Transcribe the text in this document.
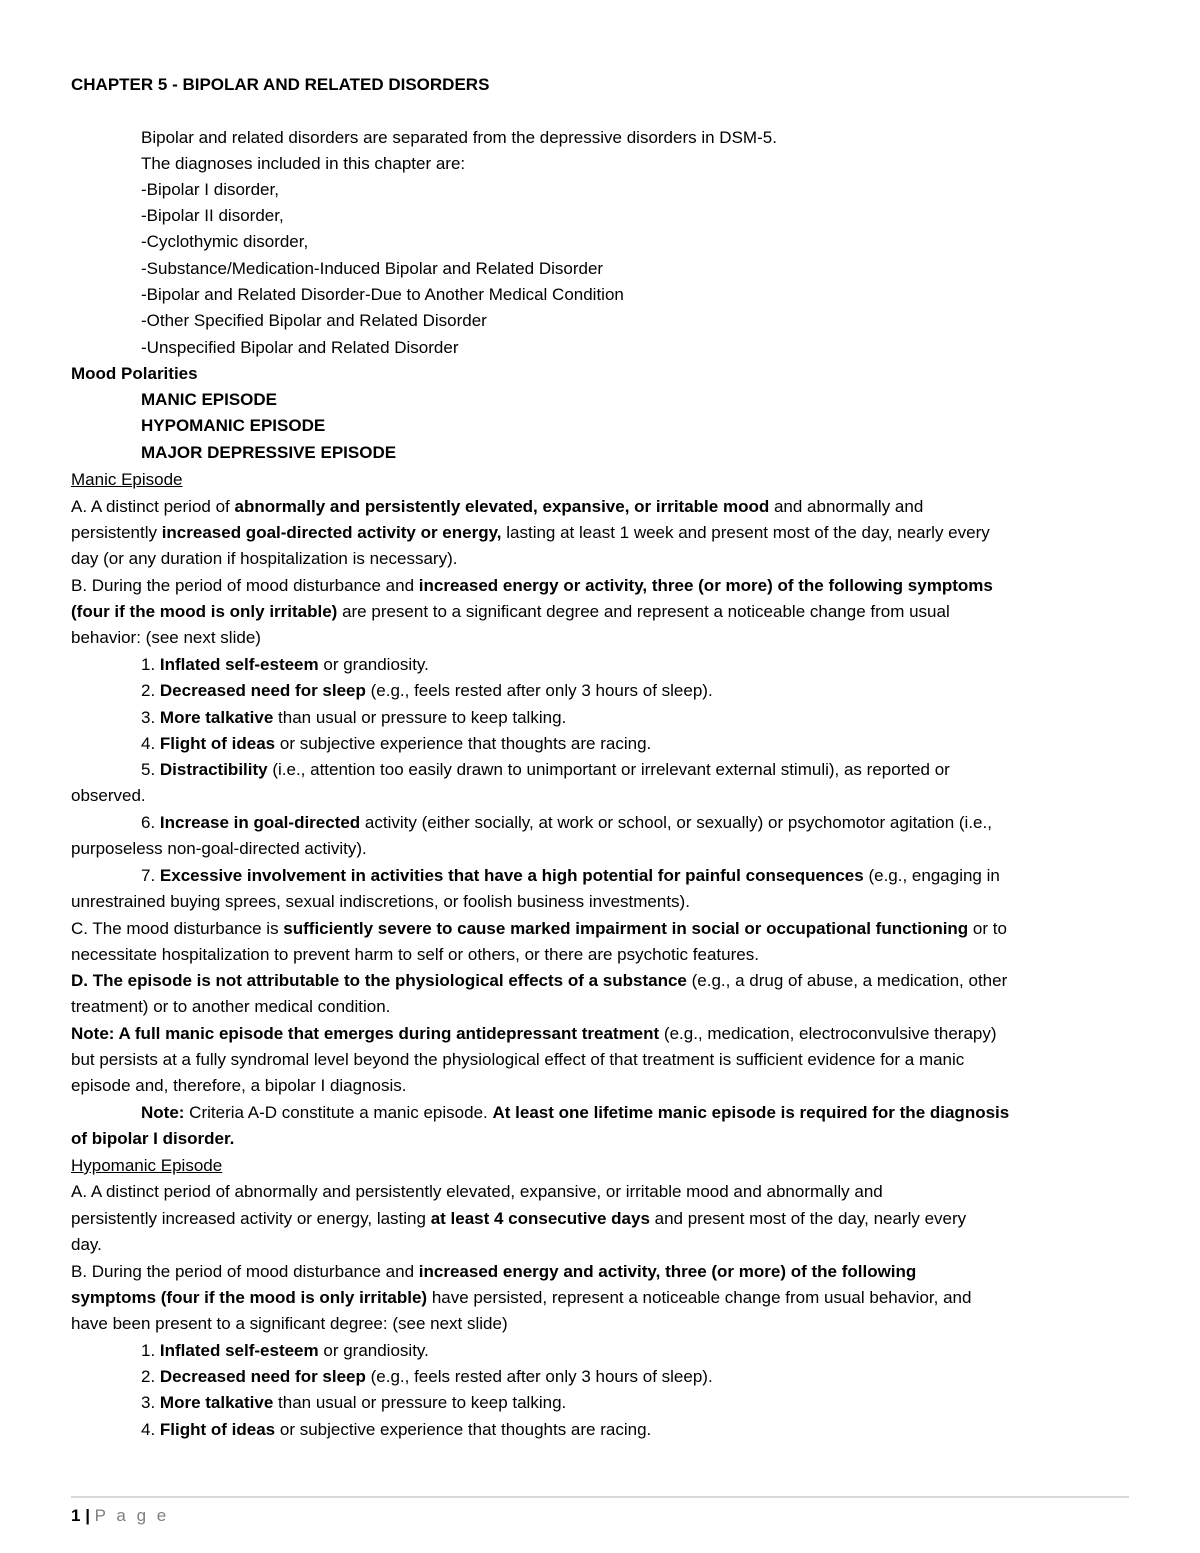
CHAPTER 5 - BIPOLAR AND RELATED DISORDERS
Bipolar and related disorders are separated from the depressive disorders in DSM-5.
The diagnoses included in this chapter are:
-Bipolar I disorder,
-Bipolar II disorder,
-Cyclothymic disorder,
-Substance/Medication-Induced Bipolar and Related Disorder
-Bipolar and Related Disorder-Due to Another Medical Condition
-Other Specified Bipolar and Related Disorder
-Unspecified Bipolar and Related Disorder
Mood Polarities
MANIC EPISODE
HYPOMANIC EPISODE
MAJOR DEPRESSIVE EPISODE
Manic Episode
A. A distinct period of abnormally and persistently elevated, expansive, or irritable mood and abnormally and
persistently increased goal-directed activity or energy, lasting at least 1 week and present most of the day, nearly every
day (or any duration if hospitalization is necessary).
B. During the period of mood disturbance and increased energy or activity, three (or more) of the following symptoms
(four if the mood is only irritable) are present to a significant degree and represent a noticeable change from usual
behavior: (see next slide)
1. Inflated self-esteem or grandiosity.
2. Decreased need for sleep (e.g., feels rested after only 3 hours of sleep).
3. More talkative than usual or pressure to keep talking.
4. Flight of ideas or subjective experience that thoughts are racing.
5. Distractibility (i.e., attention too easily drawn to unimportant or irrelevant external stimuli), as reported or
observed.
6. Increase in goal-directed activity (either socially, at work or school, or sexually) or psychomotor agitation (i.e.,
purposeless non-goal-directed activity).
7. Excessive involvement in activities that have a high potential for painful consequences (e.g., engaging in
unrestrained buying sprees, sexual indiscretions, or foolish business investments).
C. The mood disturbance is sufficiently severe to cause marked impairment in social or occupational functioning or to
necessitate hospitalization to prevent harm to self or others, or there are psychotic features.
D. The episode is not attributable to the physiological effects of a substance (e.g., a drug of abuse, a medication, other
treatment) or to another medical condition.
Note: A full manic episode that emerges during antidepressant treatment (e.g., medication, electroconvulsive therapy)
but persists at a fully syndromal level beyond the physiological effect of that treatment is sufficient evidence for a manic
episode and, therefore, a bipolar I diagnosis.
Note: Criteria A-D constitute a manic episode. At least one lifetime manic episode is required for the diagnosis
of bipolar I disorder.
Hypomanic Episode
A. A distinct period of abnormally and persistently elevated, expansive, or irritable mood and abnormally and
persistently increased activity or energy, lasting at least 4 consecutive days and present most of the day, nearly every
day.
B. During the period of mood disturbance and increased energy and activity, three (or more) of the following
symptoms (four if the mood is only irritable) have persisted, represent a noticeable change from usual behavior, and
have been present to a significant degree: (see next slide)
1. Inflated self-esteem or grandiosity.
2. Decreased need for sleep (e.g., feels rested after only 3 hours of sleep).
3. More talkative than usual or pressure to keep talking.
4. Flight of ideas or subjective experience that thoughts are racing.
1 | P a g e
